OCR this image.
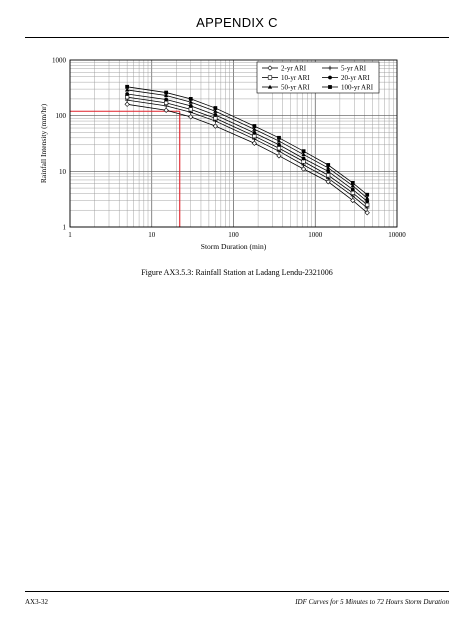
APPENDIX C
1	10	100	1000	10000
1
10
100
1000
Storm Duration (min)
Rainfall Intensity (mm/hr)
2-yr ARI	5-yr ARI
10-yr ARI	20-yr ARI
50-yr ARI	100-yr ARI
Figure AX3.5.3: Rainfall Station at Ladang Lendu-2321006
AX3-32	IDF Curves for 5 Minutes to 72 Hours Storm Duration
